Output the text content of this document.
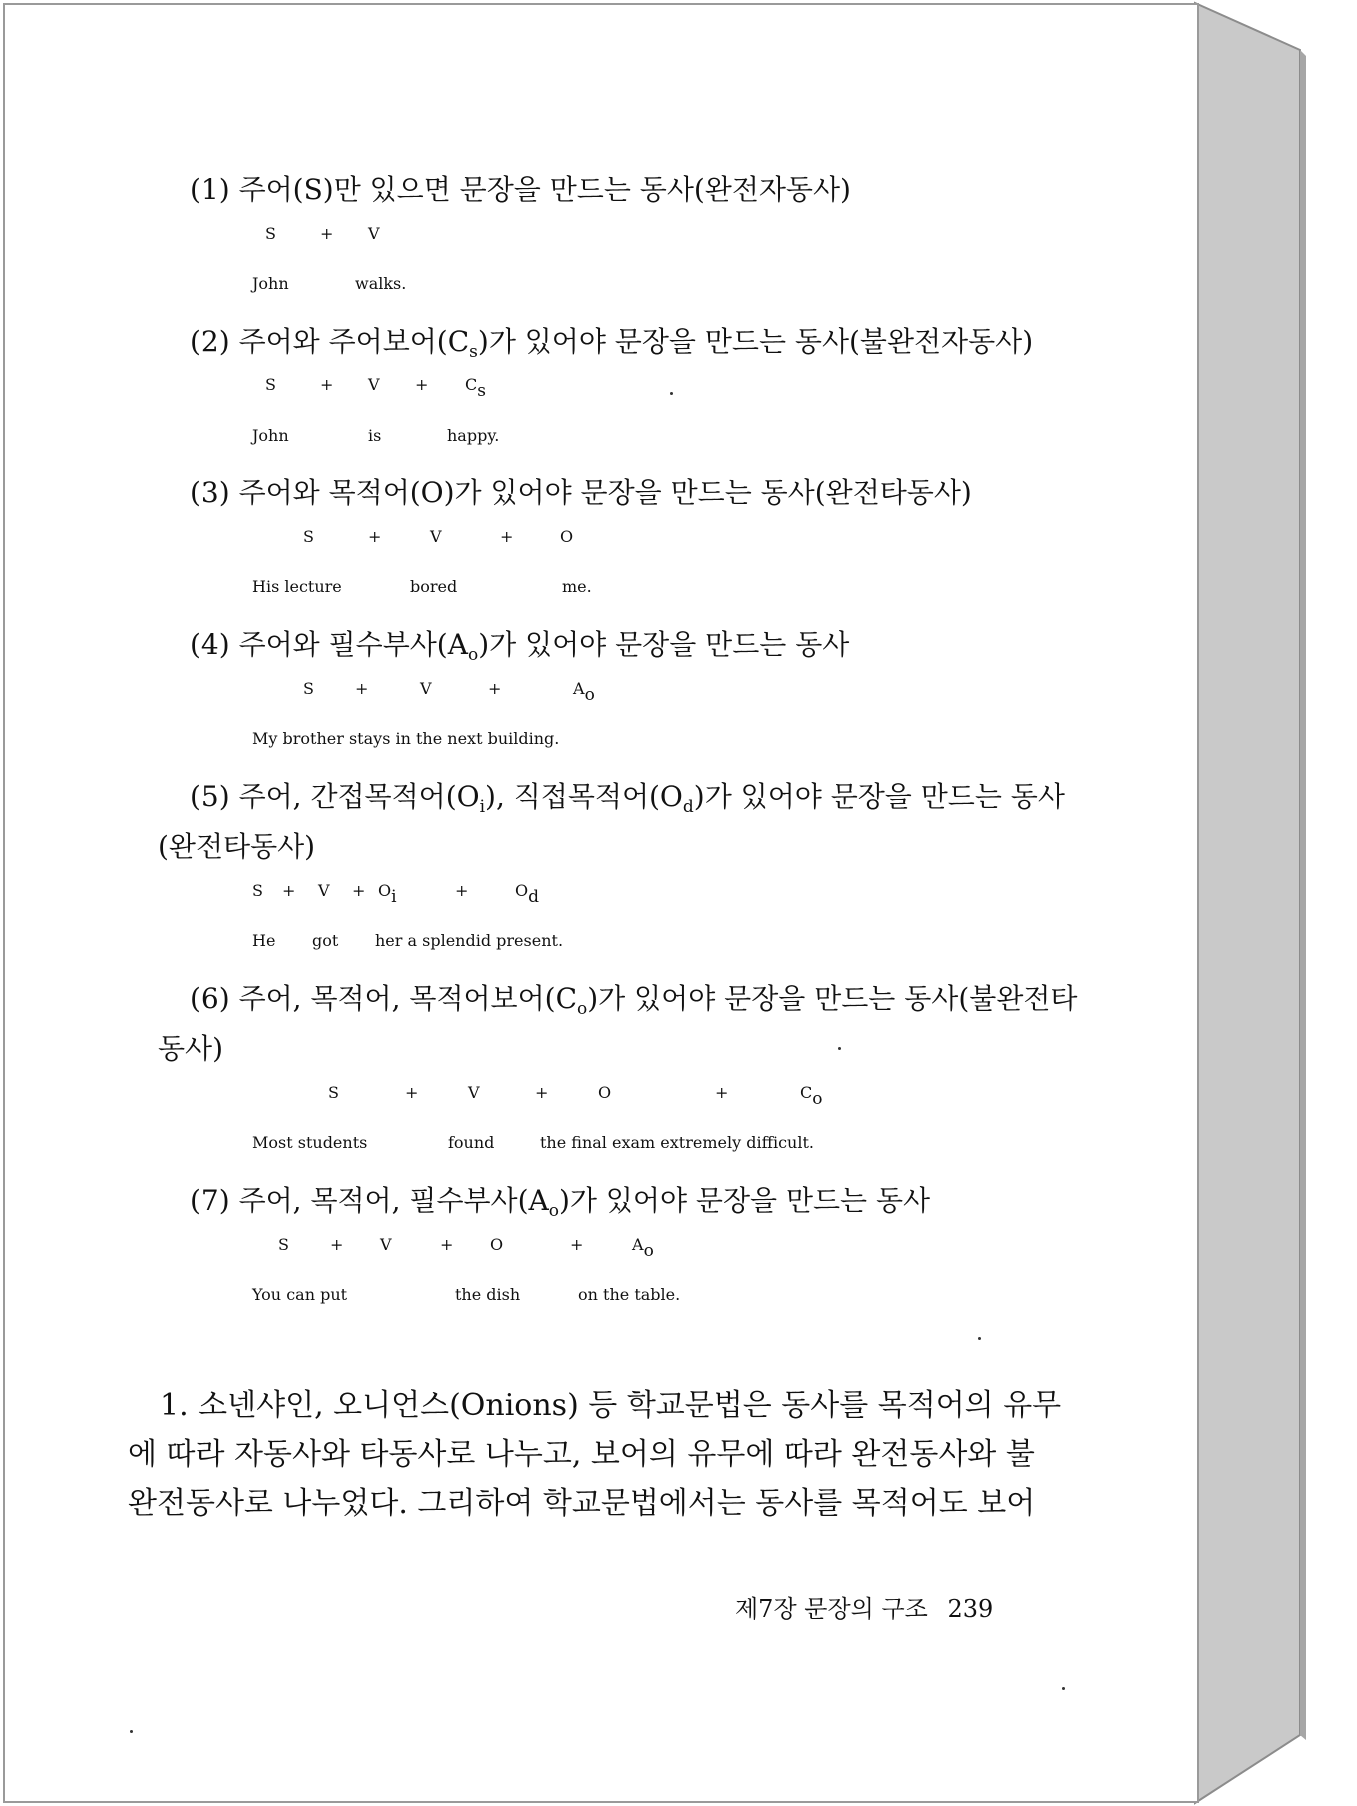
(1) 주어(S)만 있으면 문장을 만드는 동사(완전자동사)
S	+ V
John	walks.
(2) 주어와 주어보어$(C_s)$가 있어야 문장을 만드는 동사(불완전자동사)
S	+ V + Cs
John	is	happy.
(3) 주어와 목적어(O)가 있어야 문장을 만드는 동사(완전타동사)
S	+	V	+	O
His lecture	bored	me.
(4) 주어와 필수부사$(A_o)$가 있어야 문장을 만드는 동사
S	+	V	+	Ao
My brother stays in the next building.
(5) 주어, 간접목적어$(O_i)$, 직접목적어$(O_d)$가 있어야 문장을 만드는 동사
(완전타동사)
S + V + Oi	+	Od
He got her a splendid present.
(6) 주어, 목적어, 목적어보어$(C_o)$가 있어야 문장을 만드는 동사(불완전타
동사)
S	+	V	+	O	+	Co
Most students	found	the final exam extremely difficult.
(7) 주어, 목적어, 필수부사$(A_o)$가 있어야 문장을 만드는 동사
S	+ V	+ O	+	Ao
You can put	the dish	on the table.
1. 소넨샤인, 오니언스(Onions) 등 학교문법은 동사를 목적어의 유무
에 따라 자동사와 타동사로 나누고, 보어의 유무에 따라 완전동사와 불
완전동사로 나누었다. 그리하여 학교문법에서는 동사를 목적어도 보어
제7장 문장의 구조 239
